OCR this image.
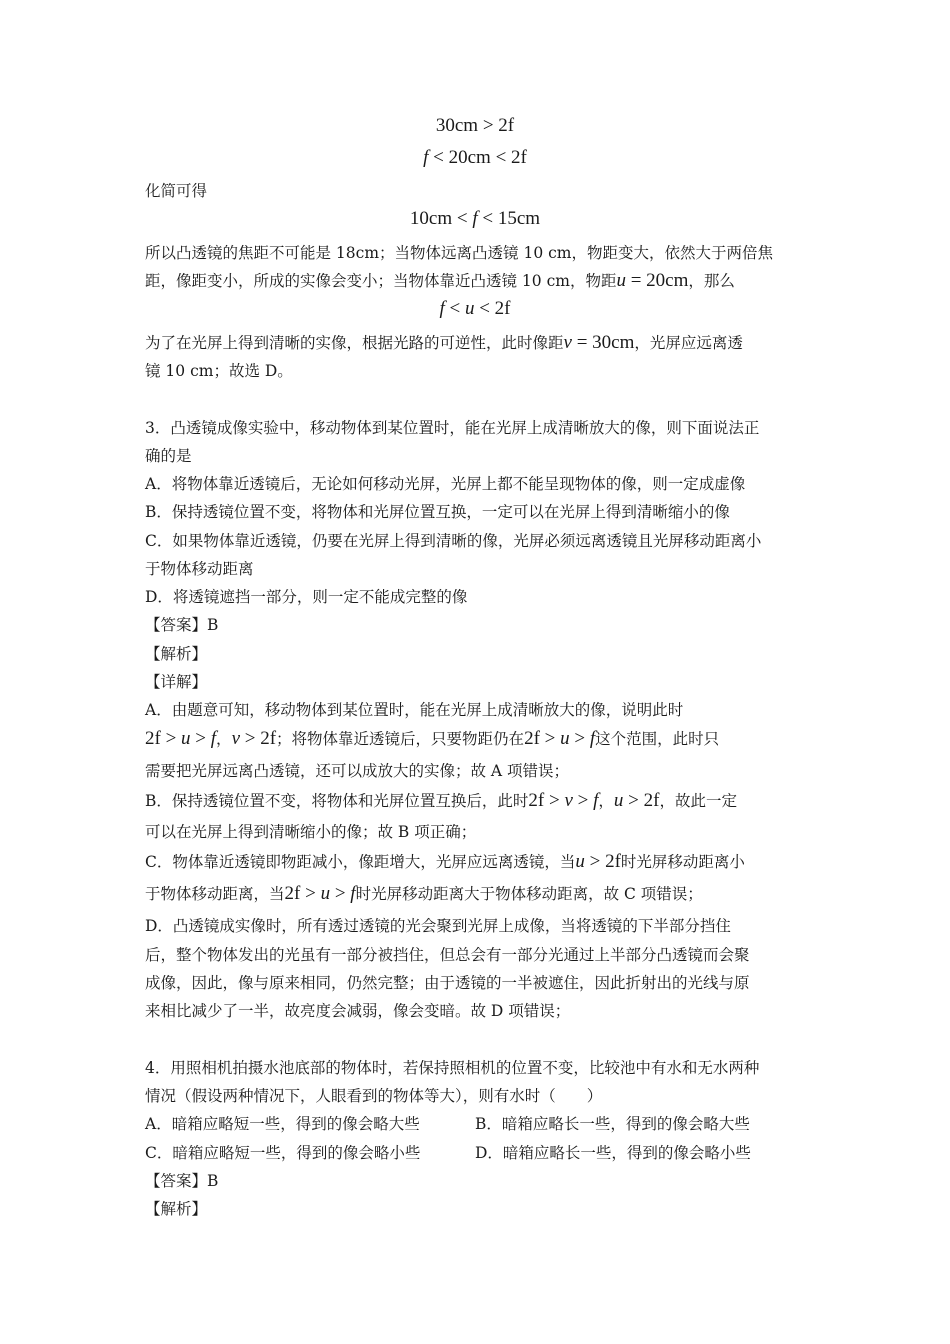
30cm > 2f
f < 20cm < 2f
化简可得
10cm < f < 15cm
所以凸透镜的焦距不可能是 18cm；当物体远离凸透镜 10 cm，物距变大，依然大于两倍焦
距，像距变小，所成的实像会变小；当物体靠近凸透镜 10 cm，物距u = 20cm，那么
f < u < 2f
为了在光屏上得到清晰的实像，根据光路的可逆性，此时像距v = 30cm，光屏应远离透
镜 10 cm；故选 D。
3．凸透镜成像实验中，移动物体到某位置时，能在光屏上成清晰放大的像，则下面说法正
确的是
A．将物体靠近透镜后，无论如何移动光屏，光屏上都不能呈现物体的像，则一定成虚像
B．保持透镜位置不变，将物体和光屏位置互换，一定可以在光屏上得到清晰缩小的像
C．如果物体靠近透镜，仍要在光屏上得到清晰的像，光屏必须远离透镜且光屏移动距离小
于物体移动距离
D．将透镜遮挡一部分，则一定不能成完整的像
【答案】B
【解析】
【详解】
A．由题意可知，移动物体到某位置时，能在光屏上成清晰放大的像，说明此时
2f > u > f，v > 2f；将物体靠近透镜后，只要物距仍在2f > u > f这个范围，此时只
需要把光屏远离凸透镜，还可以成放大的实像；故 A 项错误；
B．保持透镜位置不变，将物体和光屏位置互换后，此时2f > v > f，u > 2f，故此一定
可以在光屏上得到清晰缩小的像；故 B 项正确；
C．物体靠近透镜即物距减小，像距增大，光屏应远离透镜，当u > 2f时光屏移动距离小
于物体移动距离，当2f > u > f时光屏移动距离大于物体移动距离，故 C 项错误；
D．凸透镜成实像时，所有透过透镜的光会聚到光屏上成像，当将透镜的下半部分挡住
后，整个物体发出的光虽有一部分被挡住，但总会有一部分光通过上半部分凸透镜而会聚
成像，因此，像与原来相同，仍然完整；由于透镜的一半被遮住，因此折射出的光线与原
来相比减少了一半，故亮度会减弱，像会变暗。故 D 项错误；
4．用照相机拍摄水池底部的物体时，若保持照相机的位置不变，比较池中有水和无水两种
情况（假设两种情况下，人眼看到的物体等大），则有水时（　　）
A．暗箱应略短一些，得到的像会略大些	B．暗箱应略长一些，得到的像会略大些
C．暗箱应略短一些，得到的像会略小些	D．暗箱应略长一些，得到的像会略小些
【答案】B
【解析】
